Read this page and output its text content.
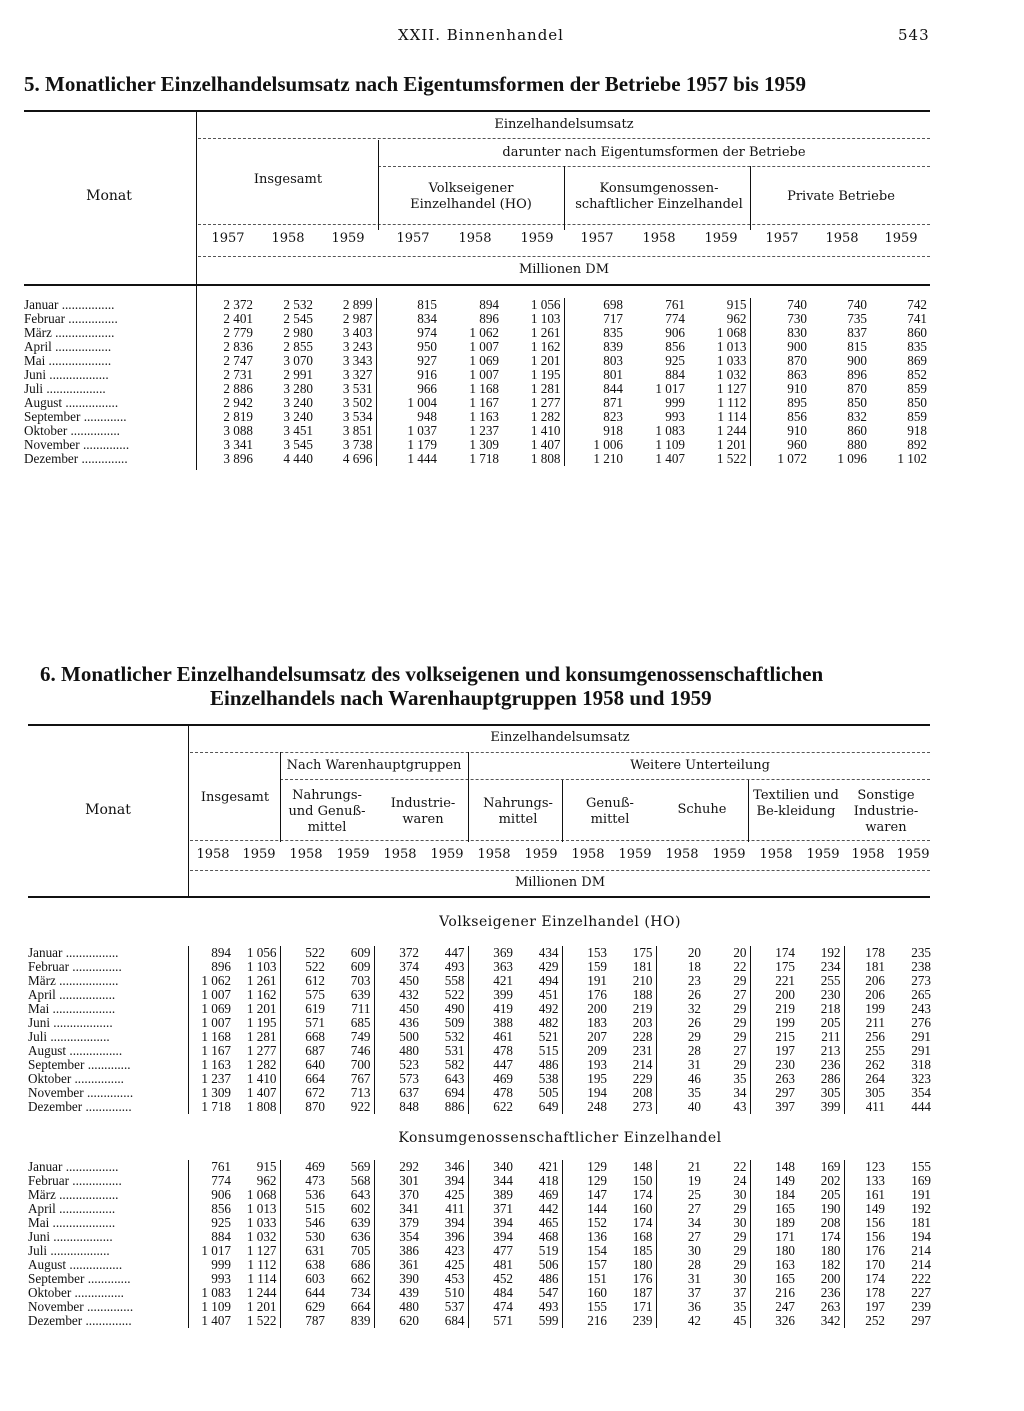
XXII. Binnenhandel	543
5. Monatlicher Einzelhandelsumsatz nach Eigentumsformen der Betriebe 1957 bis 1959
Monat
Einzelhandelsumsatz
darunter nach Eigentumsformen der Betriebe
Insgesamt
Volkseigener Einzelhandel (HO)
Konsumgenossen-schaftlicher Einzelhandel
Private Betriebe
1957	1958	1959	1957	1958	1959	1957	1958	1959	1957	1958	1959
Millionen DM
Januar ................	2 372	2 532	2 899	815	894	1 056	698	761	915	740	740	742
Februar ...............	2 401	2 545	2 987	834	896	1 103	717	774	962	730	735	741
März ..................	2 779	2 980	3 403	974	1 062	1 261	835	906	1 068	830	837	860
April .................	2 836	2 855	3 243	950	1 007	1 162	839	856	1 013	900	815	835
Mai ...................	2 747	3 070	3 343	927	1 069	1 201	803	925	1 033	870	900	869
Juni ..................	2 731	2 991	3 327	916	1 007	1 195	801	884	1 032	863	896	852
Juli ..................	2 886	3 280	3 531	966	1 168	1 281	844	1 017	1 127	910	870	859
August ................	2 942	3 240	3 502	1 004	1 167	1 277	871	999	1 112	895	850	850
September .............	2 819	3 240	3 534	948	1 163	1 282	823	993	1 114	856	832	859
Oktober ...............	3 088	3 451	3 851	1 037	1 237	1 410	918	1 083	1 244	910	860	918
November ..............	3 341	3 545	3 738	1 179	1 309	1 407	1 006	1 109	1 201	960	880	892
Dezember ..............	3 896	4 440	4 696	1 444	1 718	1 808	1 210	1 407	1 522	1 072	1 096	1 102
6. Monatlicher Einzelhandelsumsatz des volkseigenen und konsumgenossenschaftlichen
Einzelhandels nach Warenhauptgruppen 1958 und 1959
Monat
Einzelhandelsumsatz
Nach Warenhauptgruppen	Weitere Unterteilung
Insgesamt	Nahrungs- und Genuß-mittel
Industrie-waren
Nahrungs-mittel
Genuß-mittel
Schuhe
Textilien und Be-kleidung
Sonstige Industrie-waren
1958 1959	1958	1959	1958	1959	1958	1959	1958	1959	1958	1959	1958	1959 1958 1959
Millionen DM
Volkseigener Einzelhandel (HO)
Januar ................	894	1 056	522	609	372	447	369	434	153	175	20	20	174	192	178	235
Februar ...............	896	1 103	522	609	374	493	363	429	159	181	18	22	175	234	181	238
März ..................	1 062	1 261	612	703	450	558	421	494	191	210	23	29	221	255	206	273
April .................	1 007	1 162	575	639	432	522	399	451	176	188	26	27	200	230	206	265
Mai ...................	1 069	1 201	619	711	450	490	419	492	200	219	32	29	219	218	199	243
Juni ..................	1 007	1 195	571	685	436	509	388	482	183	203	26	29	199	205	211	276
Juli ..................	1 168	1 281	668	749	500	532	461	521	207	228	29	29	215	211	256	291
August ................	1 167	1 277	687	746	480	531	478	515	209	231	28	27	197	213	255	291
September .............	1 163	1 282	640	700	523	582	447	486	193	214	31	29	230	236	262	318
Oktober ...............	1 237	1 410	664	767	573	643	469	538	195	229	46	35	263	286	264	323
November ..............	1 309	1 407	672	713	637	694	478	505	194	208	35	34	297	305	305	354
Dezember ..............	1 718	1 808	870	922	848	886	622	649	248	273	40	43	397	399	411	444
Konsumgenossenschaftlicher Einzelhandel
Januar ................	761	915	469	569	292	346	340	421	129	148	21	22	148	169	123	155
Februar ...............	774	962	473	568	301	394	344	418	129	150	19	24	149	202	133	169
März ..................	906	1 068	536	643	370	425	389	469	147	174	25	30	184	205	161	191
April .................	856	1 013	515	602	341	411	371	442	144	160	27	29	165	190	149	192
Mai ...................	925	1 033	546	639	379	394	394	465	152	174	34	30	189	208	156	181
Juni ..................	884	1 032	530	636	354	396	394	468	136	168	27	29	171	174	156	194
Juli ..................	1 017	1 127	631	705	386	423	477	519	154	185	30	29	180	180	176	214
August ................	999	1 112	638	686	361	425	481	506	157	180	28	29	163	182	170	214
September .............	993	1 114	603	662	390	453	452	486	151	176	31	30	165	200	174	222
Oktober ...............	1 083	1 244	644	734	439	510	484	547	160	187	37	37	216	236	178	227
November ..............	1 109	1 201	629	664	480	537	474	493	155	171	36	35	247	263	197	239
Dezember ..............	1 407	1 522	787	839	620	684	571	599	216	239	42	45	326	342	252	297
